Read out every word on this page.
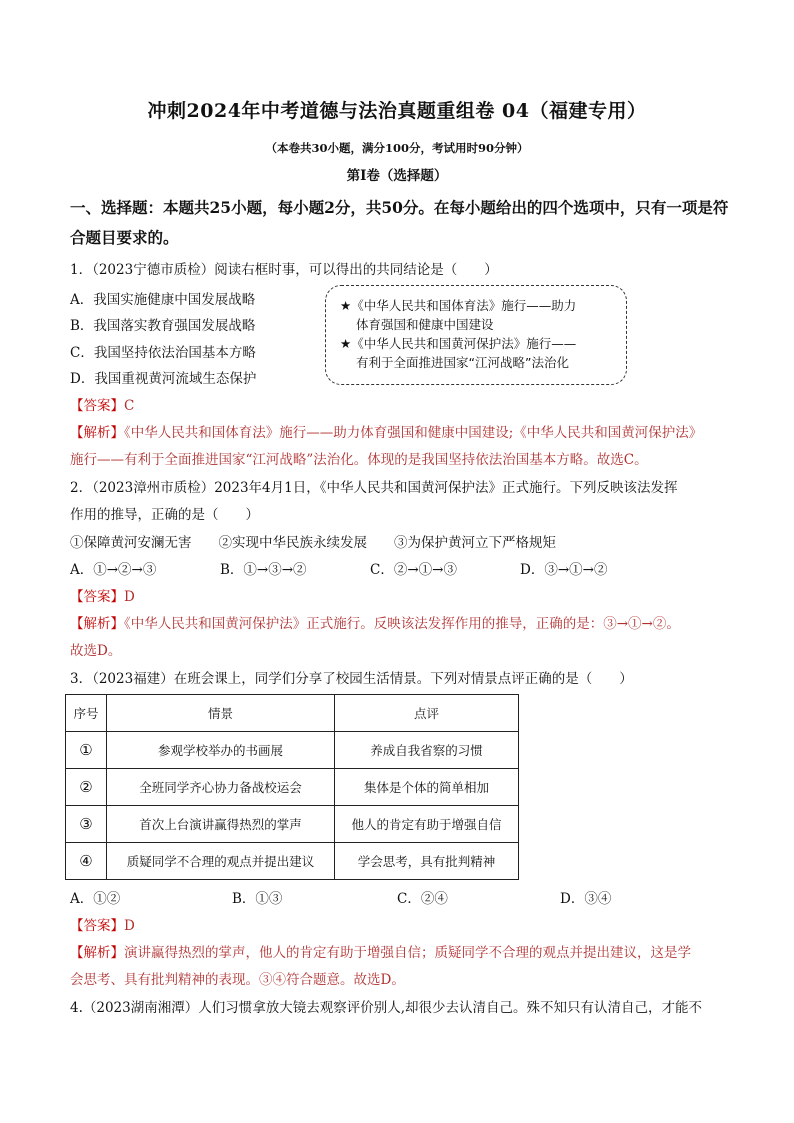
冲刺2024年中考道德与法治真题重组卷 04（福建专用）
（本卷共30小题，满分100分，考试用时90分钟）
第Ⅰ卷（选择题）
一、选择题：本题共25小题，每小题2分，共50分。在每小题给出的四个选项中，只有一项是符合题目要求的。
1．（2023宁德市质检）阅读右框时事，可以得出的共同结论是（　　）
A．我国实施健康中国发展战略
B．我国落实教育强国发展战略
C．我国坚持依法治国基本方略
D．我国重视黄河流域生态保护
★《中华人民共和国体育法》施行——助力
体育强国和健康中国建设
★《中华人民共和国黄河保护法》施行——
有利于全面推进国家“江河战略”法治化
【答案】C
【解析】《中华人民共和国体育法》施行——助力体育强国和健康中国建设;《中华人民共和国黄河保护法》
施行——有利于全面推进国家“江河战略”法治化。体现的是我国坚持依法治国基本方略。故选C。
2．（2023漳州市质检）2023年4月1日，《中华人民共和国黄河保护法》正式施行。下列反映该法发挥
作用的推导，正确的是（　　）
①保障黄河安澜无害　　②实现中华民族永续发展　　③为保护黄河立下严格规矩
A．①→②→③	B．①→③→②	C．②→①→③	D．③→①→②
【答案】D
【解析】《中华人民共和国黄河保护法》正式施行。反映该法发挥作用的推导，正确的是：③→①→②。
故选D。
3．（2023福建）在班会课上，同学们分享了校园生活情景。下列对情景点评正确的是（　　）
序号	情景	点评
①	参观学校举办的书画展	养成自我省察的习惯
②	全班同学齐心协力备战校运会	集体是个体的简单相加
③	首次上台演讲赢得热烈的掌声	他人的肯定有助于增强自信
④	质疑同学不合理的观点并提出建议	学会思考，具有批判精神
A．①②	B．①③	C．②④	D．③④
【答案】D
【解析】演讲赢得热烈的掌声，他人的肯定有助于增强自信；质疑同学不合理的观点并提出建议，这是学
会思考、具有批判精神的表现。③④符合题意。故选D。
4.（2023湖南湘潭）人们习惯拿放大镜去观察评价别人,却很少去认清自己。殊不知只有认清自己，才能不
